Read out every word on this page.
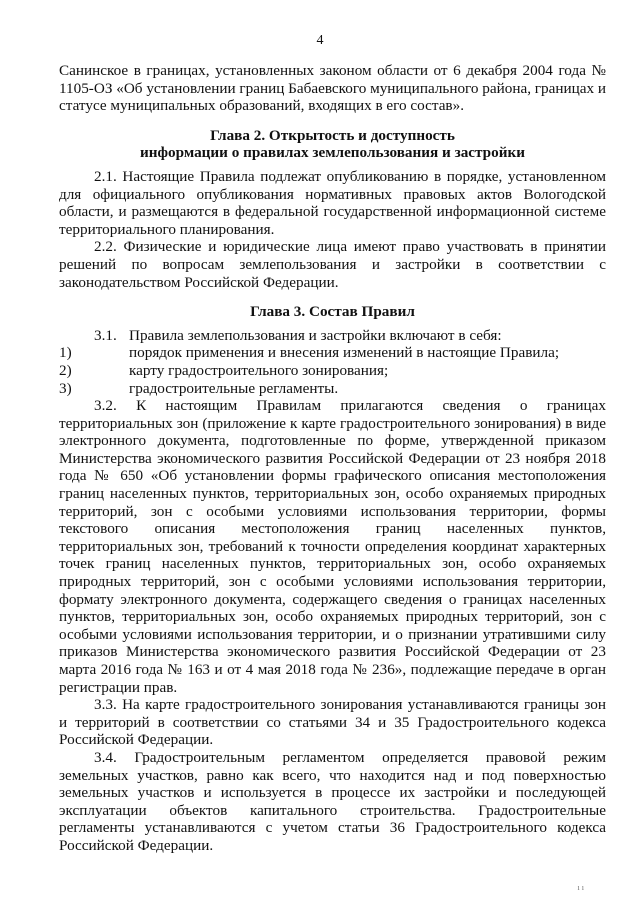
4

Санинское в границах, установленных законом области от 6 декабря 2004 года № 1105-ОЗ «Об установлении границ Бабаевского муниципального района, границах и статусе муниципальных образований, входящих в его состав».

Глава 2. Открытость и доступность
информации о правилах землепользования и застройки

2.1. Настоящие Правила подлежат опубликованию в порядке, установленном для официального опубликования нормативных правовых актов Вологодской области, и размещаются в федеральной государственной информационной системе территориального планирования.

2.2. Физические и юридические лица имеют право участвовать в принятии решений по вопросам землепользования и застройки в соответствии с законодательством Российской Федерации.

Глава 3. Состав Правил
3.1. Правила землепользования и застройки включают в себя:
1)	порядок применения и внесения изменений в настоящие Правила;
2)	карту градостроительного зонирования;
3)	градостроительные регламенты.

3.2. К настоящим Правилам прилагаются сведения о границах территориальных зон (приложение к карте градостроительного зонирования) в виде электронного документа, подготовленные по форме, утвержденной приказом Министерства экономического развития Российской Федерации от 23 ноября 2018 года № 650 «Об установлении формы графического описания местоположения границ населенных пунктов, территориальных зон, особо охраняемых природных территорий, зон с особыми условиями использования территории, формы текстового описания местоположения границ населенных пунктов, территориальных зон, требований к точности определения координат характерных точек границ населенных пунктов, территориальных зон, особо охраняемых природных территорий, зон с особыми условиями использования территории, формату электронного документа, содержащего сведения о границах населенных пунктов, территориальных зон, особо охраняемых природных территорий, зон с особыми условиями использования территории, и о признании утратившими силу приказов Министерства экономического развития Российской Федерации от 23 марта 2016 года № 163 и от 4 мая 2018 года № 236», подлежащие передаче в орган регистрации прав.

3.3. На карте градостроительного зонирования устанавливаются границы зон и территорий в соответствии со статьями 34 и 35 Градостроительного кодекса Российской Федерации.

3.4. Градостроительным регламентом определяется правовой режим земельных участков, равно как всего, что находится над и под поверхностью земельных участков и используется в процессе их застройки и последующей эксплуатации объектов капитального строительства. Градостроительные регламенты устанавливаются с учетом статьи 36 Градостроительного кодекса Российской Федерации.

ı ı
